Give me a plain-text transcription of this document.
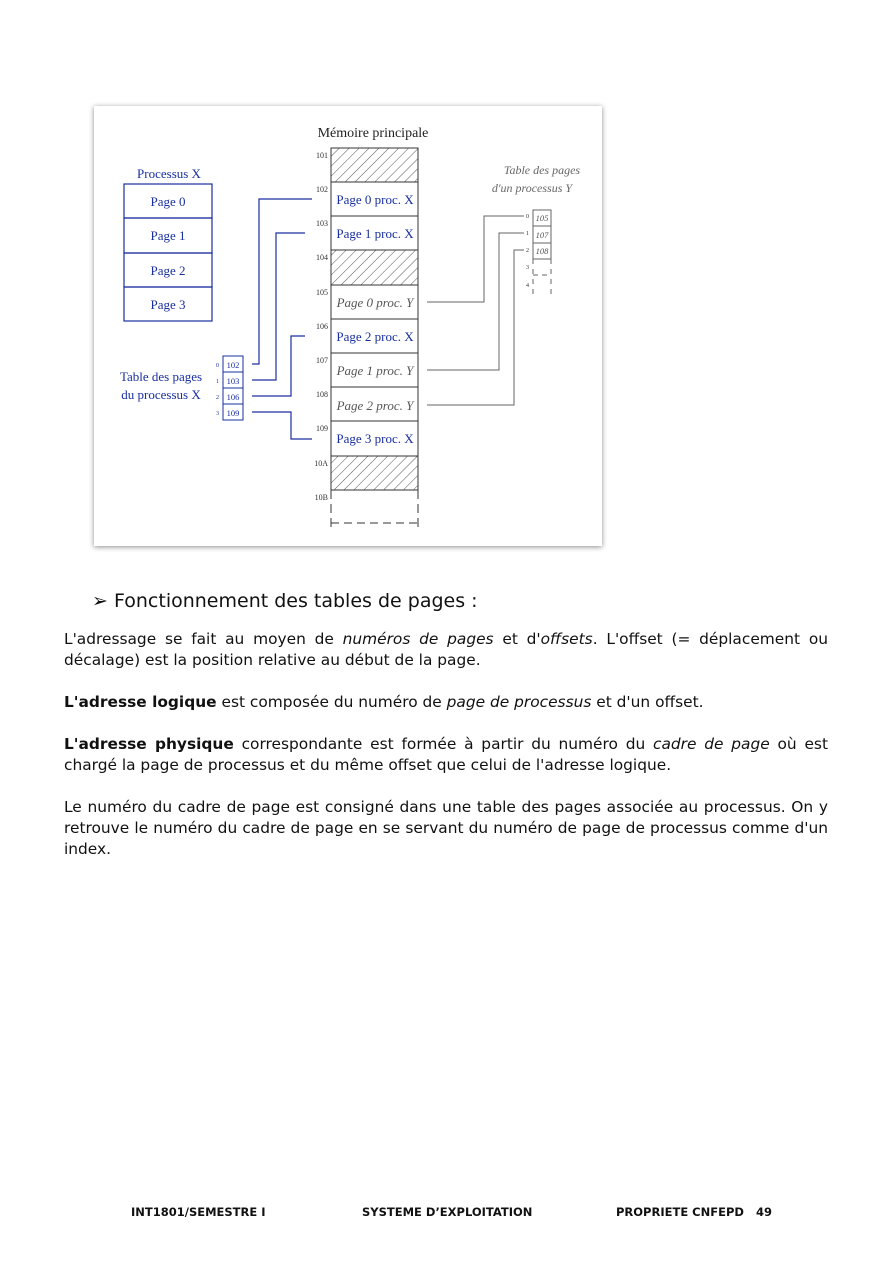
Mémoire principale
Processus X
Page 0
Page 1
Page 2
Page 3
Page 0 proc. X
Page 1 proc. X
Page 0 proc. Y
Page 2 proc. X
Page 1 proc. Y
Page 2 proc. Y
Page 3 proc. X
101
102
103
104
105
106
107
108
109
10A
10B
Table des pages
du processus X
102
103
106
109
0
1
2
3
Table des pages
d'un processus Y
105
107
108
0
1
2
3
4
➢ Fonctionnement des tables de pages :

L'adressage se fait au moyen de numéros de pages et d'offsets. L'offset (= déplacement ou décalage) est la position relative au début de la page.

L'adresse logique est composée du numéro de page de processus et d'un offset.

L'adresse physique correspondante est formée à partir du numéro du cadre de page où est chargé la page de processus et du même offset que celui de l'adresse logique.

Le numéro du cadre de page est consigné dans une table des pages associée au processus. On y retrouve le numéro du cadre de page en se servant du numéro de page de processus comme d'un index.

INT1801/SEMESTRE I	SYSTEME D’EXPLOITATION	PROPRIETE CNFEPD 49
